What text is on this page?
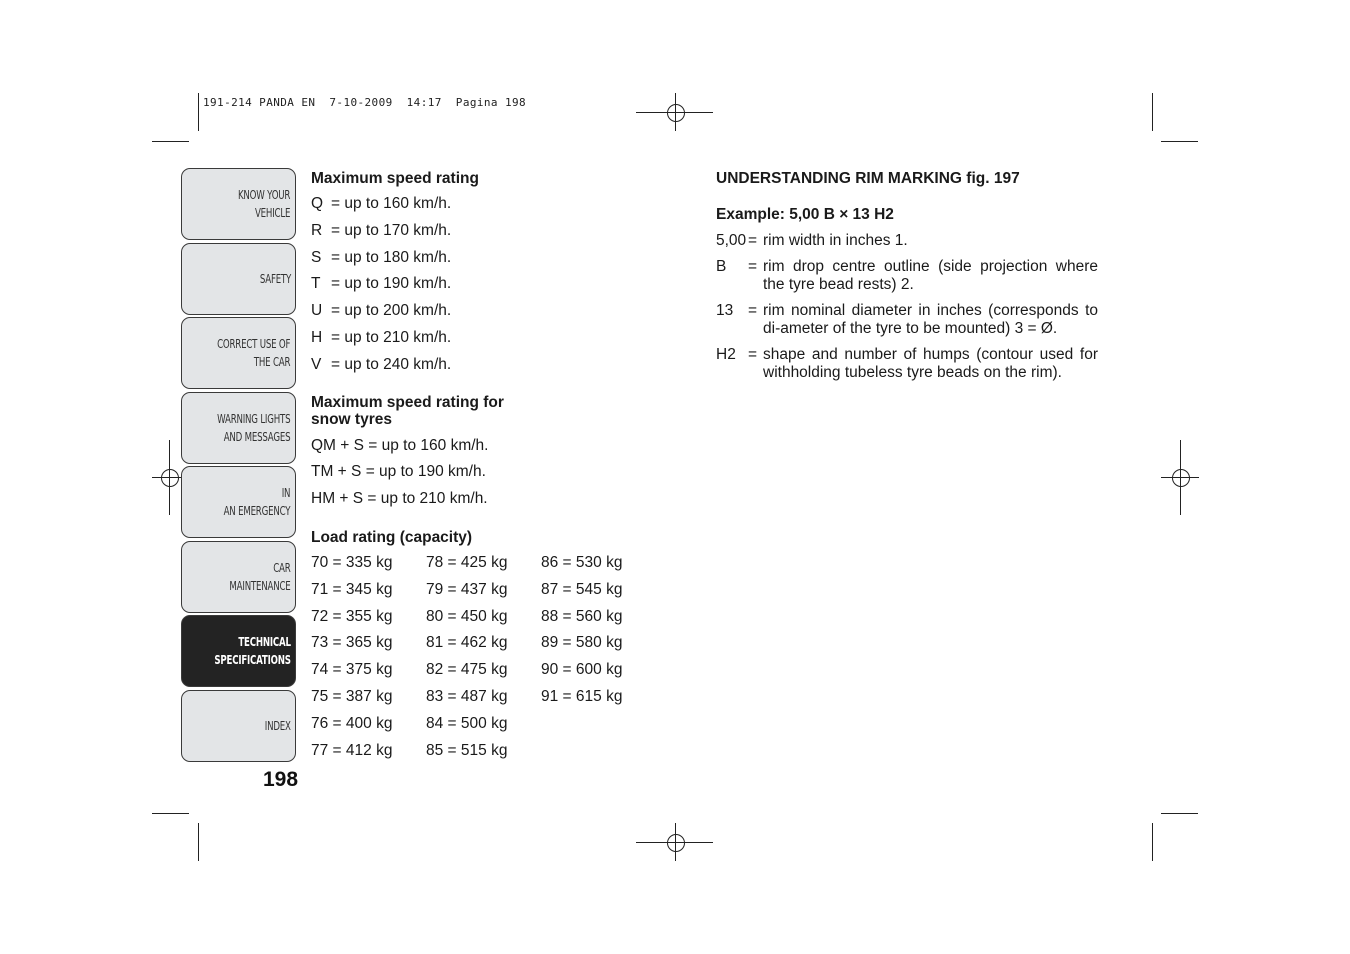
191-214 PANDA EN  7-10-2009  14:17  Pagina 198
KNOW YOUR
VEHICLE
SAFETY
CORRECT USE OF
THE CAR
WARNING LIGHTS
AND MESSAGES
IN
AN EMERGENCY
CAR
MAINTENANCE
TECHNICAL
SPECIFICATIONS
INDEX
198
Maximum speed rating
Q = up to 160 km/h.
R = up to 170 km/h.
S = up to 180 km/h.
T = up to 190 km/h.
U = up to 200 km/h.
H = up to 210 km/h.
V = up to 240 km/h.
Maximum speed rating for
snow tyres
QM + S = up to 160 km/h.
TM + S = up to 190 km/h.
HM + S = up to 210 km/h.
Load rating (capacity)
70 = 335 kg	78 = 425 kg	86 = 530 kg
71 = 345 kg	79 = 437 kg	87 = 545 kg
72 = 355 kg	80 = 450 kg	88 = 560 kg
73 = 365 kg	81 = 462 kg	89 = 580 kg
74 = 375 kg	82 = 475 kg	90 = 600 kg
75 = 387 kg	83 = 487 kg	91 = 615 kg
76 = 400 kg	84 = 500 kg
77 = 412 kg	85 = 515 kg
UNDERSTANDING RIM MARKING fig. 197
Example: 5,00 B × 13 H2
5,00 = rim width in inches 1.
B	= rim drop centre outline (side projection where the tyre bead rests) 2.
13 = rim nominal diameter in inches (corresponds to di-ameter of the tyre to be mounted) 3 = Ø.
H2 = shape and number of humps (contour used for withholding tubeless tyre beads on the rim).
